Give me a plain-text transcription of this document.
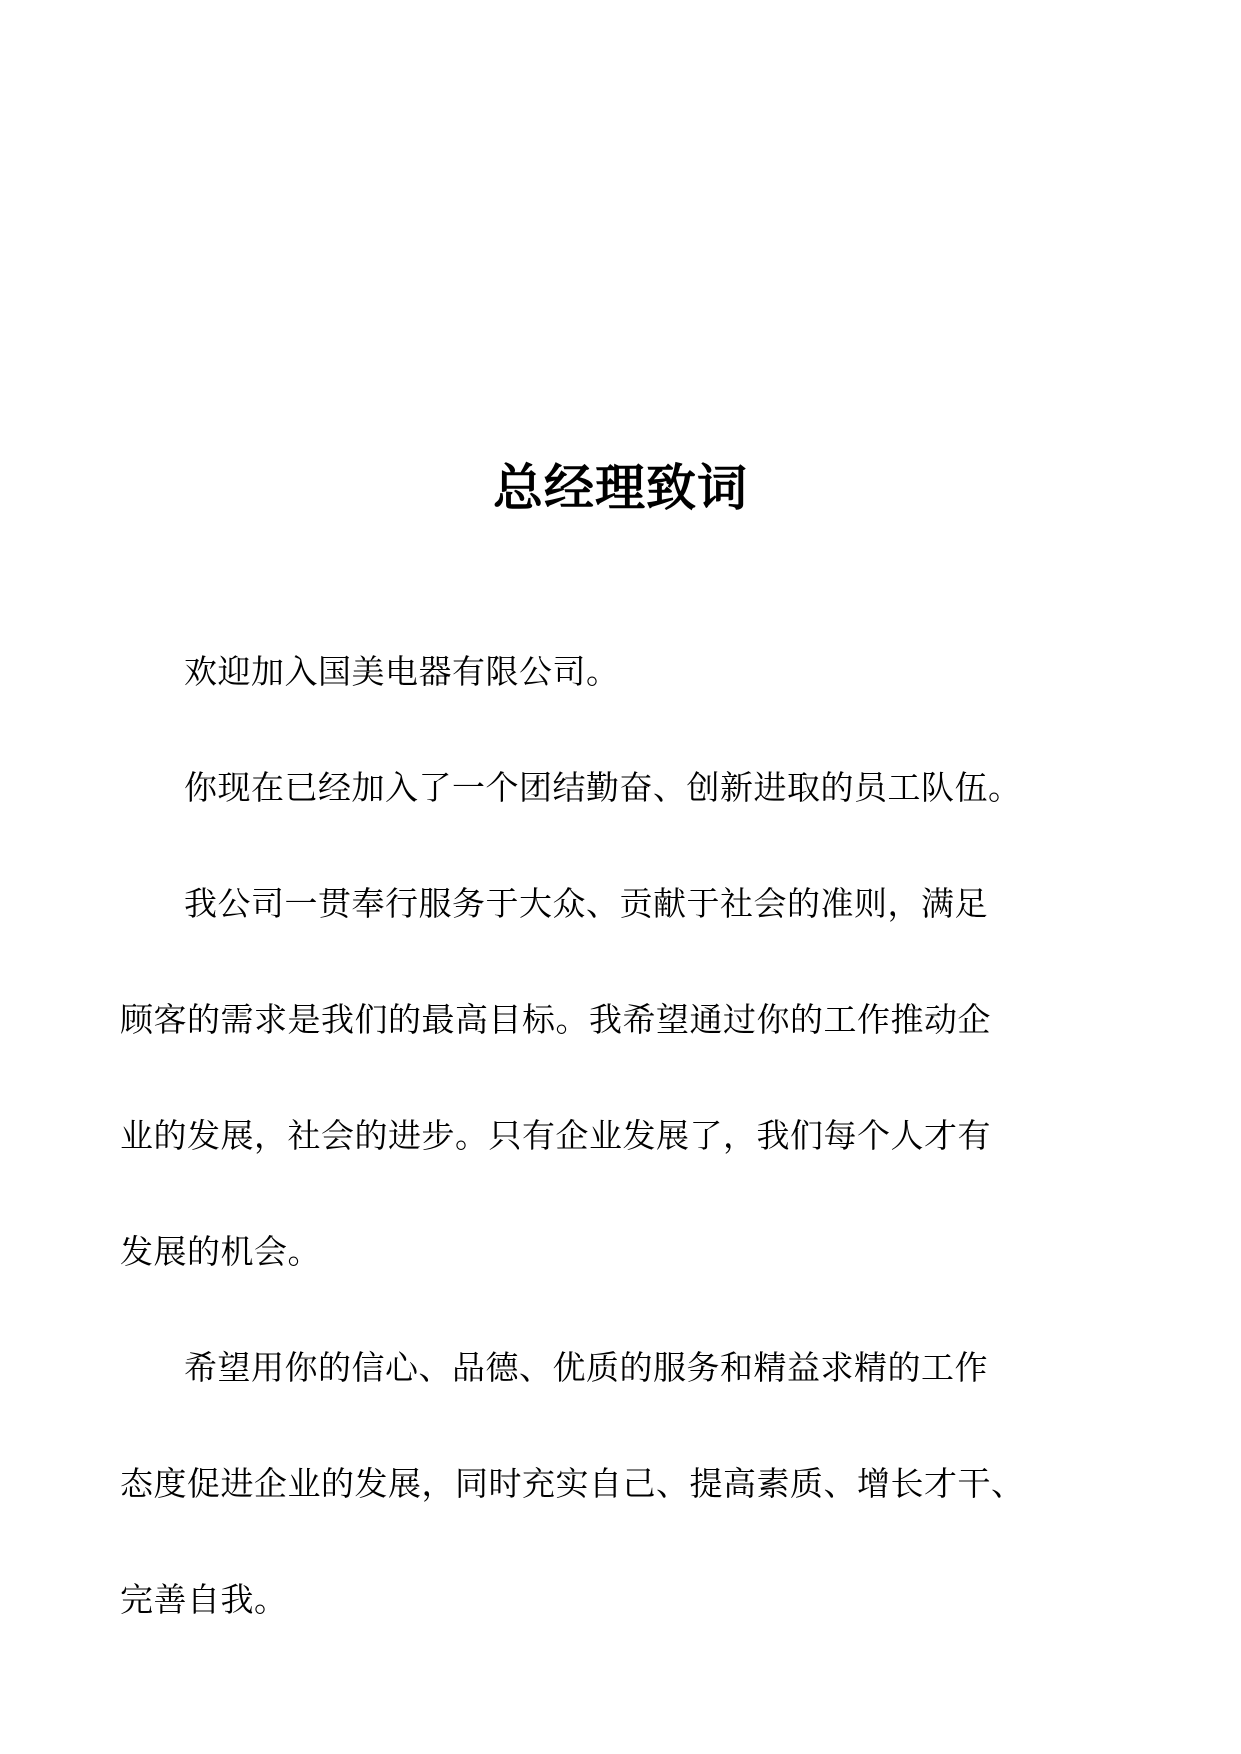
总经理致词
欢迎加入国美电器有限公司。
你现在已经加入了一个团结勤奋、创新进取的员工队伍。
我公司一贯奉行服务于大众、贡献于社会的准则，满足
顾客的需求是我们的最高目标。我希望通过你的工作推动企
业的发展，社会的进步。只有企业发展了，我们每个人才有
发展的机会。
希望用你的信心、品德、优质的服务和精益求精的工作
态度促进企业的发展，同时充实自己、提高素质、增长才干、
完善自我。
